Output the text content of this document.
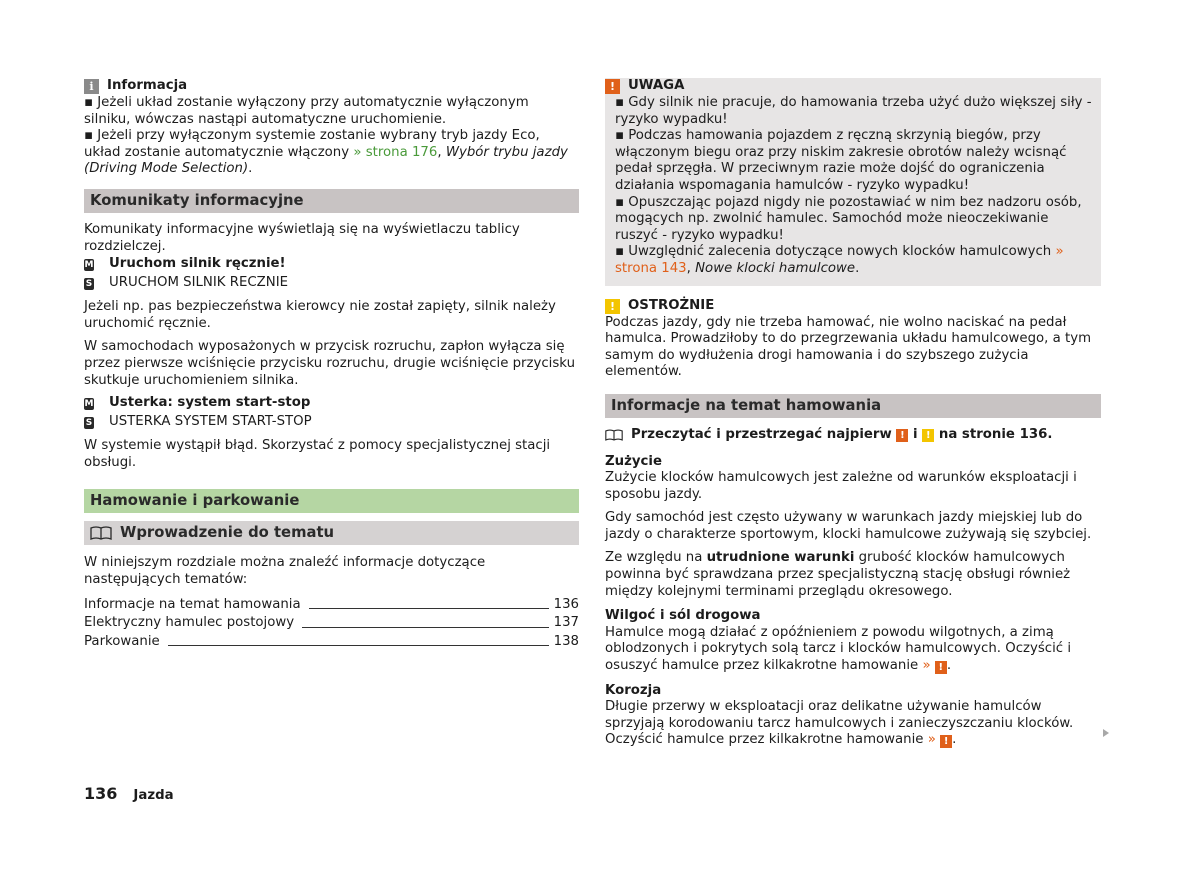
i	Informacja

▪ Jeżeli układ zostanie wyłączony przy automatycznie wyłączonym silniku, wówczas nastąpi automatyczne uruchomienie.

▪ Jeżeli przy wyłączonym systemie zostanie wybrany tryb jazdy Eco, układ zostanie automatycznie włączony » strona 176, Wybór trybu jazdy (Driving Mode Selection).

Komunikaty informacyjne

Komunikaty informacyjne wyświetlają się na wyświetlaczu tablicy rozdzielczej.

M Uruchom silnik ręcznie!
S URUCHOM SILNIK RECZNIE

Jeżeli np. pas bezpieczeństwa kierowcy nie został zapięty, silnik należy uruchomić ręcznie.

W samochodach wyposażonych w przycisk rozruchu, zapłon wyłącza się przez pierwsze wciśnięcie przycisku rozruchu, drugie wciśnięcie przycisku skutkuje uruchomieniem silnika.

M Usterka: system start-stop
S USTERKA SYSTEM START-STOP

W systemie wystąpił błąd. Skorzystać z pomocy specjalistycznej stacji obsługi.

Hamowanie i parkowanie
Wprowadzenie do tematu

W niniejszym rozdziale można znaleźć informacje dotyczące następujących tematów:

Informacje na temat hamowania	136
Elektryczny hamulec postojowy	137
Parkowanie	138
! UWAGA

▪ Gdy silnik nie pracuje, do hamowania trzeba użyć dużo większej siły - ryzyko wypadku!

▪ Podczas hamowania pojazdem z ręczną skrzynią biegów, przy włączonym biegu oraz przy niskim zakresie obrotów należy wcisnąć pedał sprzęgła. W przeciwnym razie może dojść do ograniczenia działania wspomagania hamulców - ryzyko wypadku!

▪ Opuszczając pojazd nigdy nie pozostawiać w nim bez nadzoru osób, mogących np. zwolnić hamulec. Samochód może nieoczekiwanie ruszyć - ryzyko wypadku!

▪ Uwzględnić zalecenia dotyczące nowych klocków hamulcowych » strona 143, Nowe klocki hamulcowe.

! OSTROŻNIE

Podczas jazdy, gdy nie trzeba hamować, nie wolno naciskać na pedał hamulca. Prowadziłoby to do przegrzewania układu hamulcowego, a tym samym do wydłużenia drogi hamowania i do szybszego zużycia elementów.

Informacje na temat hamowania

Przeczytać i przestrzegać najpierw
!
i
!
na stronie 136.

Zużycie

Zużycie klocków hamulcowych jest zależne od warunków eksploatacji i sposobu jazdy.

Gdy samochód jest często używany w warunkach jazdy miejskiej lub do jazdy o charakterze sportowym, klocki hamulcowe zużywają się szybciej.

Ze względu na utrudnione warunki grubość klocków hamulcowych powinna być sprawdzana przez specjalistyczną stację obsługi również między kolejnymi terminami przeglądu okresowego.

Wilgoć i sól drogowa

Hamulce mogą działać z opóźnieniem z powodu wilgotnych, a zimą oblodzonych i pokrytych solą tarcz i klocków hamulcowych. Oczyścić i osuszyć hamulce przez kilkakrotne hamowanie » ! .

Korozja

Długie przerwy w eksploatacji oraz delikatne używanie hamulców sprzyjają korodowaniu tarcz hamulcowych i zanieczyszczaniu klocków. Oczyścić hamulce przez kilkakrotne hamowanie » ! .

136 Jazda
